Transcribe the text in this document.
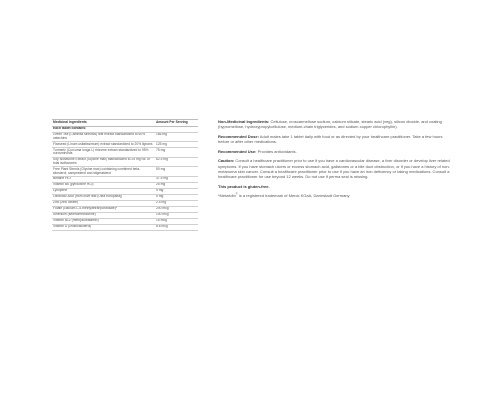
Medicinal Ingredients	Amount Per Serving
Each tablet contains:	
Green Tea (Camellia sinensis) leaf extract standardized to 60% catechins	166 mg
Flaxseed (Linum usitatissimum) extract standardized to 20% lignans	125 mg
Turmeric (Curcuma longa L) rhizome extract standardized to 95% curcuminoids	75 mg
Soy Isoflavone Extract (Glycine max) standardized to 25 mg NE of total isoflavones	62.5 mg
Free Plant Sterols (Glycine max) containing combined beta-sitosterol, campesterol and stigmasterol	50 mg
Betaine HCl	37.5 mg
Vitamin B6 (pyridoxine HCl)	25 mg
Lycopene	5 mg
Oleanolic Acid (from olive leaf [Olea europaea])	5 mg
Zinc (zinc citrate)	2.5 mg
Folate (calcium L-5-methyltetrahydrofolate)*	200 mcg
Selenium (selenomethionine)	100 mcg
Vitamin B12 (methylcobalamin)	15 mcg
Vitamin D (cholecalciferol)	8.6 mcg

Non-Medicinal Ingredients: Cellulose, croscarmellose sodium, calcium silicate, stearic acid (veg), silicon dioxide, and coating (hypromellose, hydroxypropylcellulose, medium-chain triglycerides, and sodium copper chlorophyllin).

Recommended Dose: Adult males take 1 tablet daily with food or as directed by your healthcare practitioner. Take a few hours before or after other medications.

Recommended Use: Provides antioxidants.

Caution: Consult a healthcare practitioner prior to use if you have a cardiovascular disease, a liver disorder or develop liver related symptoms. If you have stomach ulcers or excess stomach acid, gallstones or a bile duct obstruction, or if you have a history of non-melanoma skin cancer. Consult a healthcare practitioner prior to use if you have an iron deficiency or taking medications. Consult a healthcare practitioner for use beyond 12 weeks. Do not use if perma seal is missing.

This product is gluten-free.

*Metafolin® is a registered trademark of Merck KGaA, Darmstadt Germany
